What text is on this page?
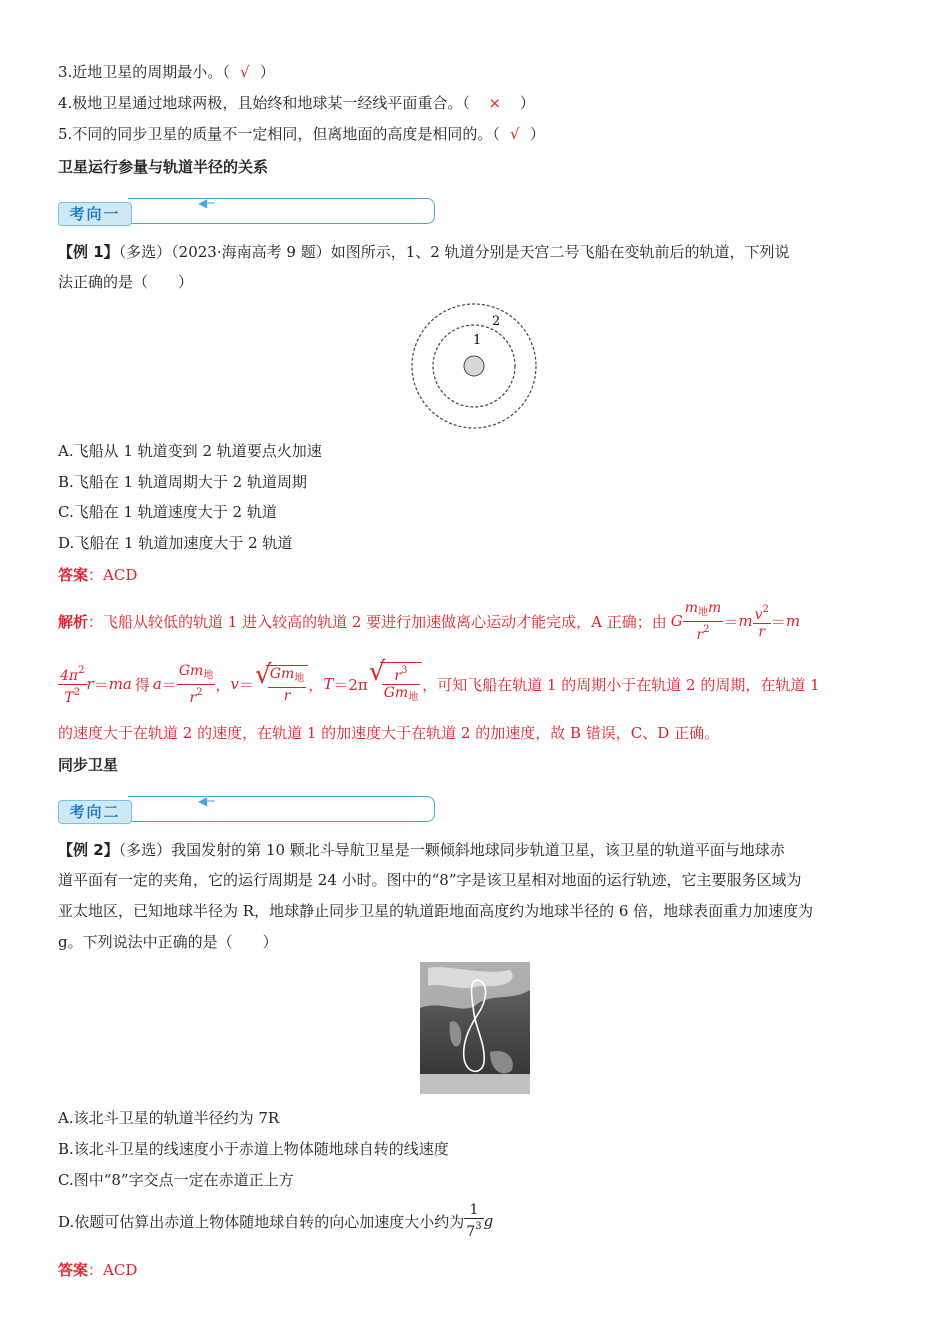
3.近地卫星的周期最小。（ √ ）
4.极地卫星通过地球两极，且始终和地球某一经线平面重合。（ × ）
5.不同的同步卫星的质量不一定相同，但离地面的高度是相同的。（ √ ）
卫星运行参量与轨道半径的关系
◀─
考向一
【例 1】（多选）（2023·海南高考 9 题）如图所示，1、2 轨道分别是天宫二号飞船在变轨前后的轨道，下列说
法正确的是（　　）
1
2
A.飞船从 1 轨道变到 2 轨道要点火加速
B.飞船在 1 轨道周期大于 2 轨道周期
C.飞船在 1 轨道速度大于 2 轨道
D.飞船在 1 轨道加速度大于 2 轨道
答案：ACD
解析 ：飞船从较低的轨道 1 进入较高的轨道 2 要进行加速做离心运动才能完成，A 正确；由 G $\frac{m_地m}{r^2} = m \frac{v^2}{r} = m$
$\frac{4\pi^2}{T^2}$ r ＝ ma 得 $a = \frac{Gm_地}{r^2}$ ， v ＝ √ $\frac{Gm_地}{r}$ ， T ＝2π √ $\frac{r^3}{Gm_地}$ ，可知飞船在轨道 1 的周期小于在轨道 2 的周期，在轨道 1
的速度大于在轨道 2 的速度，在轨道 1 的加速度大于在轨道 2 的加速度，故 B 错误，C、D 正确。
同步卫星
◀─
考向二
【例 2】（多选）我国发射的第 10 颗北斗导航卫星是一颗倾斜地球同步轨道卫星，该卫星的轨道平面与地球赤
道平面有一定的夹角，它的运行周期是 24 小时。图中的“8”字是该卫星相对地面的运行轨迹，它主要服务区域为
亚太地区，已知地球半径为 R，地球静止同步卫星的轨道距地面高度约为地球半径的 6 倍，地球表面重力加速度为
g。下列说法中正确的是（　　）
A.该北斗卫星的轨道半径约为 7R
B.该北斗卫星的线速度小于赤道上物体随地球自转的线速度
C.图中“8”字交点一定在赤道正上方
D.依题可估算出赤道上物体随地球自转的向心加速度大小约为 $\frac{1}{7^3}$ g
答案：ACD
